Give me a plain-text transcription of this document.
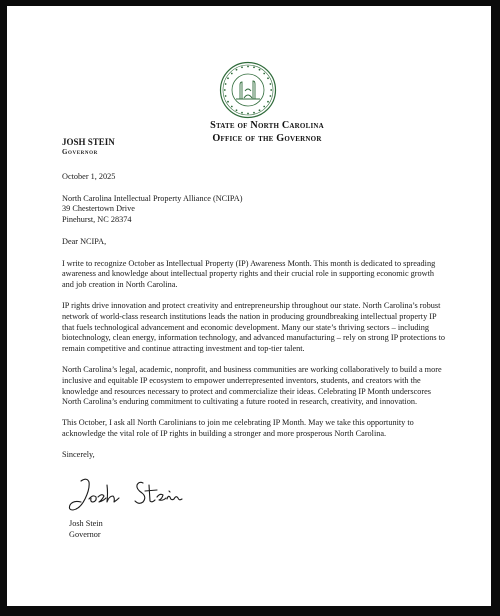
State of North Carolina
Office of the Governor
JOSH STEIN
Governor

October 1, 2025

North Carolina Intellectual Property Alliance (NCIPA)

39 Chestertown Drive

Pinehurst, NC 28374

Dear NCIPA,

I write to recognize October as Intellectual Property (IP) Awareness Month. This month is dedicated to spreading awareness and knowledge about intellectual property rights and their crucial role in supporting economic growth and job creation in North Carolina.

IP rights drive innovation and protect creativity and entrepreneurship throughout our state. North Carolina’s robust network of world-class research institutions leads the nation in producing groundbreaking intellectual property IP that fuels technological advancement and economic development. Many our state’s thriving sectors – including biotechnology, clean energy, information technology, and advanced manufacturing – rely on strong IP protections to remain competitive and continue attracting investment and top-tier talent.

North Carolina’s legal, academic, nonprofit, and business communities are working collaboratively to build a more inclusive and equitable IP ecosystem to empower underrepresented inventors, students, and creators with the knowledge and resources necessary to protect and commercialize their ideas. Celebrating IP Month underscores North Carolina’s enduring commitment to cultivating a future rooted in research, creativity, and innovation.

This October, I ask all North Carolinians to join me celebrating IP Month. May we take this opportunity to acknowledge the vital role of IP rights in building a stronger and more prosperous North Carolina.

Sincerely,

Josh Stein
Governor
